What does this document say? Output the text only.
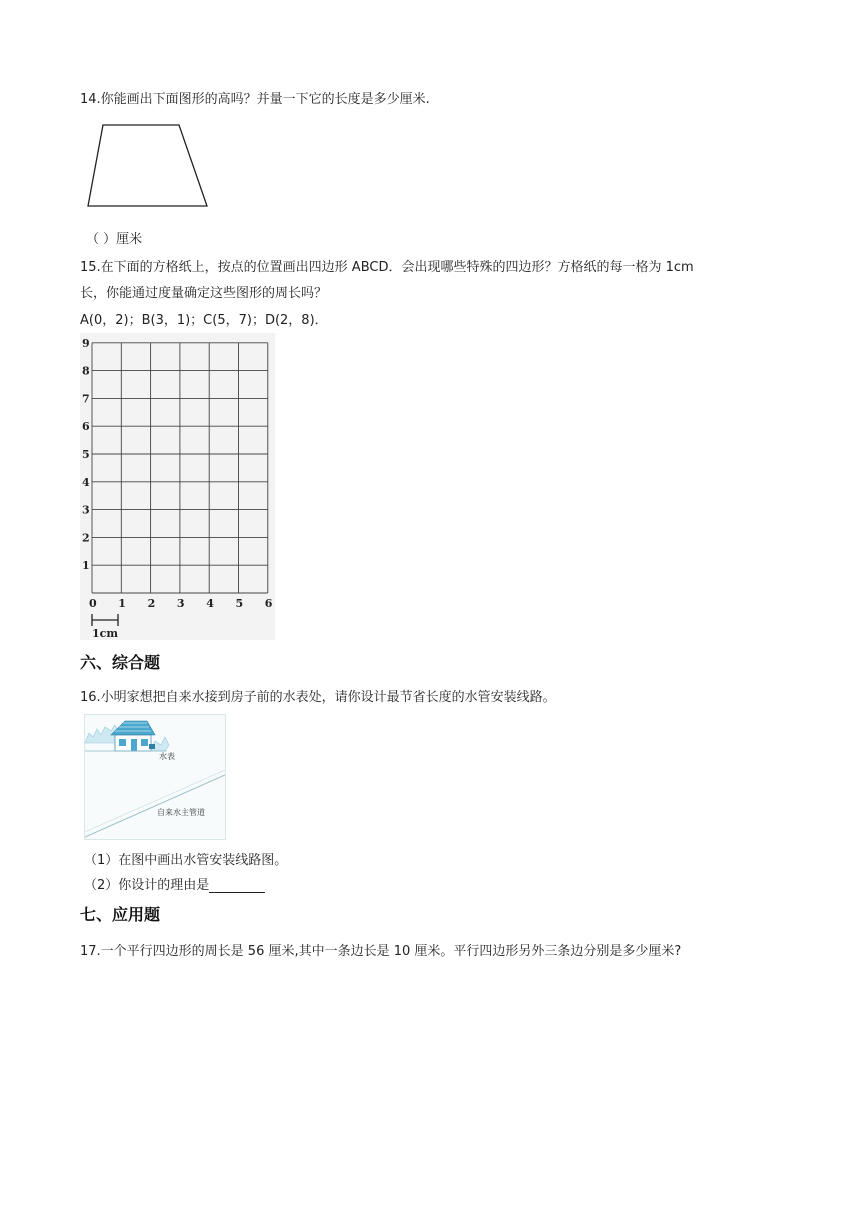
14.你能画出下面图形的高吗？并量一下它的长度是多少厘米.
（ ）厘米
15.在下面的方格纸上，按点的位置画出四边形 ABCD．会出现哪些特殊的四边形？方格纸的每一格为 1cm
长，你能通过度量确定这些图形的周长吗？
A(0，2)；B(3，1)；C(5，7)；D(2，8)．
9
8
7
6
5
4
3
2
1
0 1 2 3 4 5 6
1cm
六、综合题
16.小明家想把自来水接到房子前的水表处，请你设计最节省长度的水管安装线路。
水表
自来水主管道
（1）在图中画出水管安装线路图。
（2）你设计的理由是
七、应用题
17.一个平行四边形的周长是 56 厘米,其中一条边长是 10 厘米。平行四边形另外三条边分别是多少厘米?
